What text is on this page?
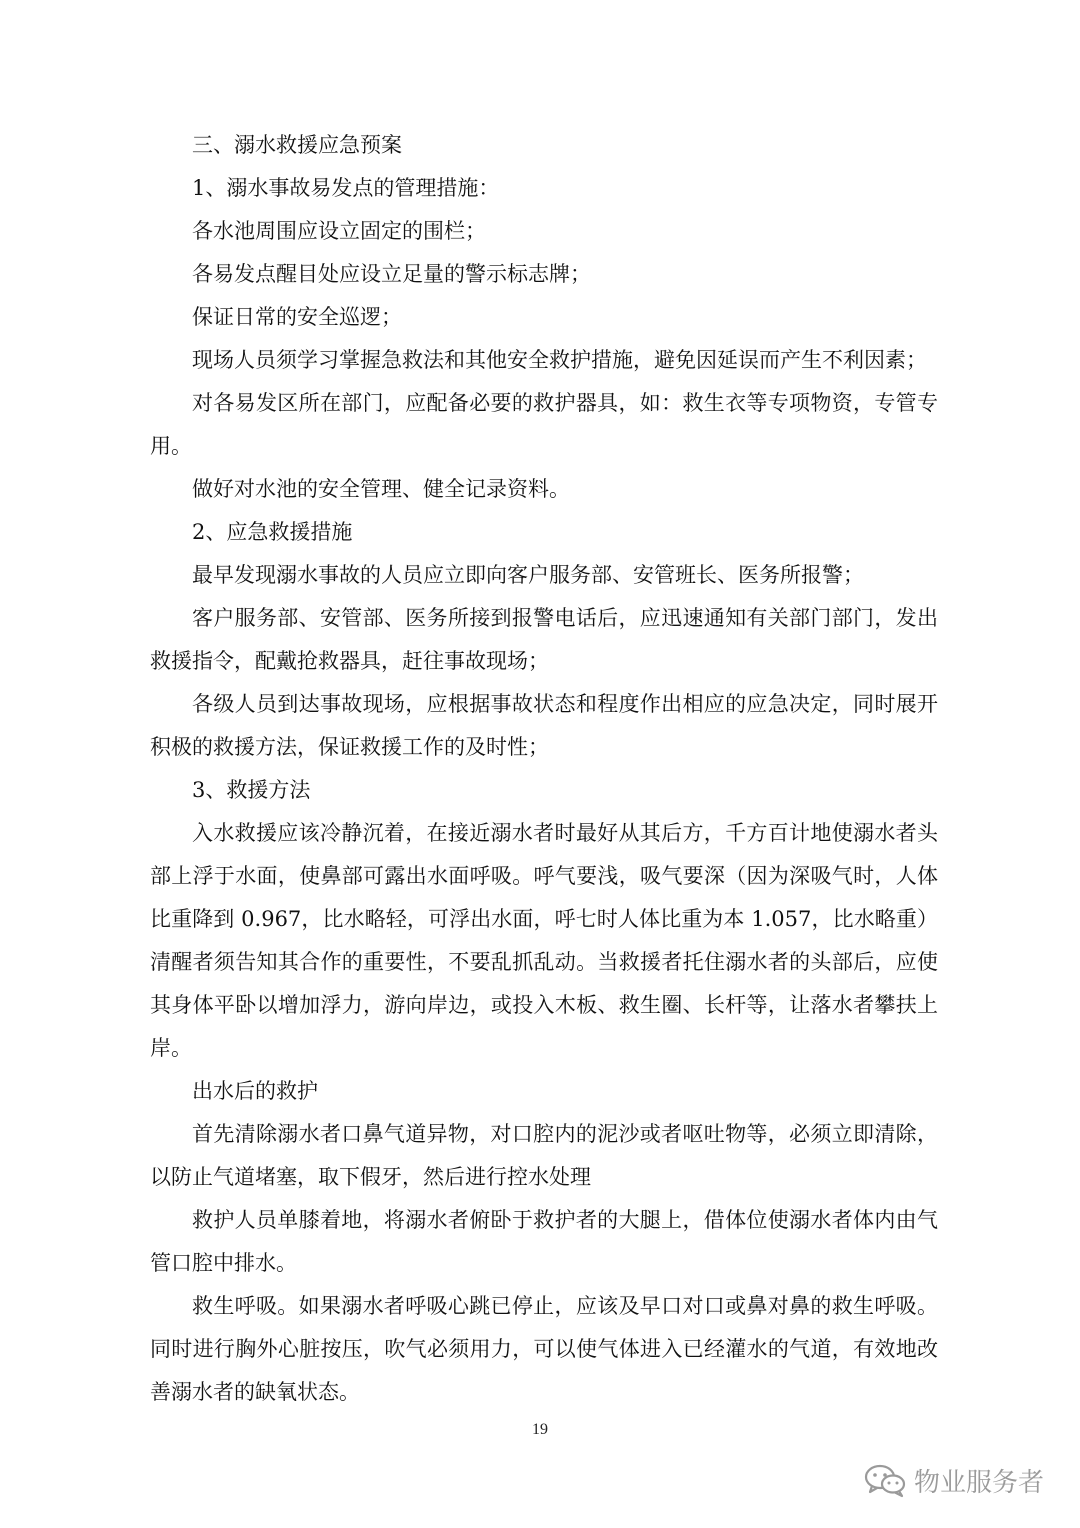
三、溺水救援应急预案

1、溺水事故易发点的管理措施：

各水池周围应设立固定的围栏；

各易发点醒目处应设立足量的警示标志牌；

保证日常的安全巡逻；

现场人员须学习掌握急救法和其他安全救护措施，避免因延误而产生不利因素；

对各易发区所在部门，应配备必要的救护器具，如：救生衣等专项物资，专管专用。

做好对水池的安全管理、健全记录资料。

2、应急救援措施

最早发现溺水事故的人员应立即向客户服务部、安管班长、医务所报警；

客户服务部、安管部、医务所接到报警电话后，应迅速通知有关部门部门，发出救援指令，配戴抢救器具，赶往事故现场；

各级人员到达事故现场，应根据事故状态和程度作出相应的应急决定，同时展开积极的救援方法，保证救援工作的及时性；

3、救援方法

入水救援应该冷静沉着，在接近溺水者时最好从其后方，千方百计地使溺水者头部上浮于水面，使鼻部可露出水面呼吸。呼气要浅，吸气要深（因为深吸气时，人体比重降到 0.967，比水略轻，可浮出水面，呼七时人体比重为本 1.057，比水略重）清醒者须告知其合作的重要性，不要乱抓乱动。当救援者托住溺水者的头部后，应使其身体平卧以增加浮力，游向岸边，或投入木板、救生圈、长杆等，让落水者攀扶上岸。

出水后的救护

首先清除溺水者口鼻气道异物，对口腔内的泥沙或者呕吐物等，必须立即清除，以防止气道堵塞，取下假牙，然后进行控水处理

救护人员单膝着地，将溺水者俯卧于救护者的大腿上，借体位使溺水者体内由气管口腔中排水。

救生呼吸。如果溺水者呼吸心跳已停止，应该及早口对口或鼻对鼻的救生呼吸。同时进行胸外心脏按压，吹气必须用力，可以使气体进入已经灌水的气道，有效地改善溺水者的缺氧状态。

19
物业服务者
